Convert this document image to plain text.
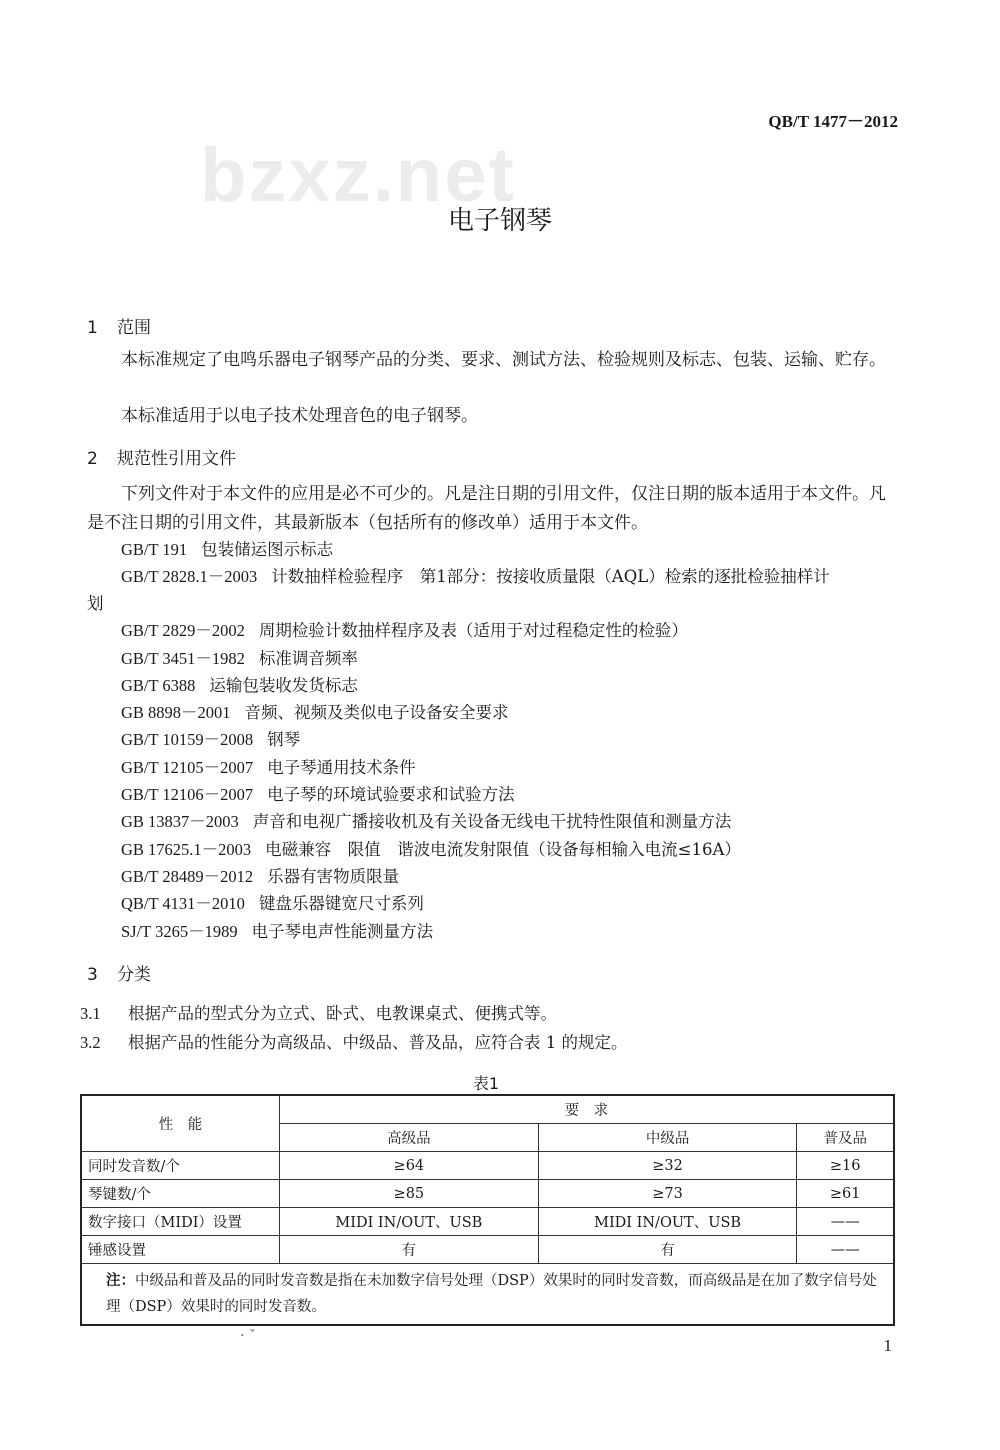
bzxz.net
QB/T 1477－2012
电子钢琴
1 范围
本标准规定了电鸣乐器电子钢琴产品的分类、要求、测试方法、检验规则及标志、包装、运输、贮存。
本标准适用于以电子技术处理音色的电子钢琴。
2 规范性引用文件
下列文件对于本文件的应用是必不可少的。凡是注日期的引用文件，仅注日期的版本适用于本文件。凡是不注日期的引用文件，其最新版本（包括所有的修改单）适用于本文件。
GB/T 191 包装储运图示标志
GB/T 2828.1－2003 计数抽样检验程序　第1部分：按接收质量限（AQL）检索的逐批检验抽样计
划
GB/T 2829－2002 周期检验计数抽样程序及表（适用于对过程稳定性的检验）
GB/T 3451－1982 标准调音频率
GB/T 6388 运输包装收发货标志
GB 8898－2001 音频、视频及类似电子设备安全要求
GB/T 10159－2008 钢琴
GB/T 12105－2007 电子琴通用技术条件
GB/T 12106－2007 电子琴的环境试验要求和试验方法
GB 13837－2003 声音和电视广播接收机及有关设备无线电干扰特性限值和测量方法
GB 17625.1－2003 电磁兼容　限值　谐波电流发射限值（设备每相输入电流≤16A）
GB/T 28489－2012 乐器有害物质限量
QB/T 4131－2010 键盘乐器键宽尺寸系列
SJ/T 3265－1989 电子琴电声性能测量方法
3 分类
3.1 根据产品的型式分为立式、卧式、电教课桌式、便携式等。
3.2 根据产品的性能分为高级品、中级品、普及品，应符合表 1 的规定。
表1
性　能	要　求		
	高级品	中级品	普及品
同时发音数/个	≥64	≥32	≥16
琴键数/个	≥85	≥73	≥61
数字接口（MIDI）设置	MIDI IN/OUT、USB	MIDI IN/OUT、USB	——
锤感设置	有	有	——
注：中级品和普及品的同时发音数是指在未加数字信号处理（DSP）效果时的同时发音数，而高级品是在加了数字信号处理（DSP）效果时的同时发音数。			
· ˇ	1
